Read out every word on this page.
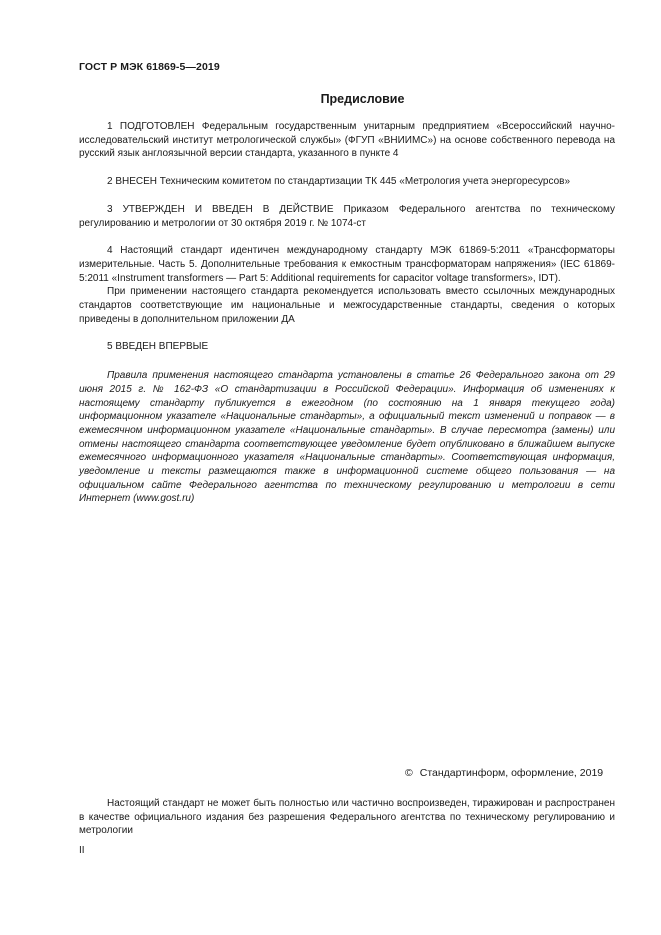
ГОСТ Р МЭК 61869-5—2019
Предисловие

1 ПОДГОТОВЛЕН Федеральным государственным унитарным предприятием «Всероссийский научно-исследовательский институт метрологической службы» (ФГУП «ВНИИМС») на основе собственного перевода на русский язык англоязычной версии стандарта, указанного в пункте 4

2 ВНЕСЕН Техническим комитетом по стандартизации ТК 445 «Метрология учета энергоресурсов»

3 УТВЕРЖДЕН И ВВЕДЕН В ДЕЙСТВИЕ Приказом Федерального агентства по техническому регулированию и метрологии от 30 октября 2019 г. № 1074-ст

4 Настоящий стандарт идентичен международному стандарту МЭК 61869-5:2011 «Трансформаторы измерительные. Часть 5. Дополнительные требования к емкостным трансформаторам напряжения» (IEC 61869-5:2011 «Instrument transformers — Part 5: Additional requirements for capacitor voltage transformers», IDT).

При применении настоящего стандарта рекомендуется использовать вместо ссылочных международных стандартов соответствующие им национальные и межгосударственные стандарты, сведения о которых приведены в дополнительном приложении ДА

5 ВВЕДЕН ВПЕРВЫЕ

Правила применения настоящего стандарта установлены в статье 26 Федерального закона от 29 июня 2015 г. № 162-ФЗ «О стандартизации в Российской Федерации». Информация об изменениях к настоящему стандарту публикуется в ежегодном (по состоянию на 1 января текущего года) информационном указателе «Национальные стандарты», а официальный текст изменений и поправок — в ежемесячном информационном указателе «Национальные стандарты». В случае пересмотра (замены) или отмены настоящего стандарта соответствующее уведомление будет опубликовано в ближайшем выпуске ежемесячного информационного указателя «Национальные стандарты». Соответствующая информация, уведомление и тексты размещаются также в информационной системе общего пользования — на официальном сайте Федерального агентства по техническому регулированию и метрологии в сети Интернет (www.gost.ru)

© Стандартинформ, оформление, 2019

Настоящий стандарт не может быть полностью или частично воспроизведен, тиражирован и распространен в качестве официального издания без разрешения Федерального агентства по техническому регулированию и метрологии

II
